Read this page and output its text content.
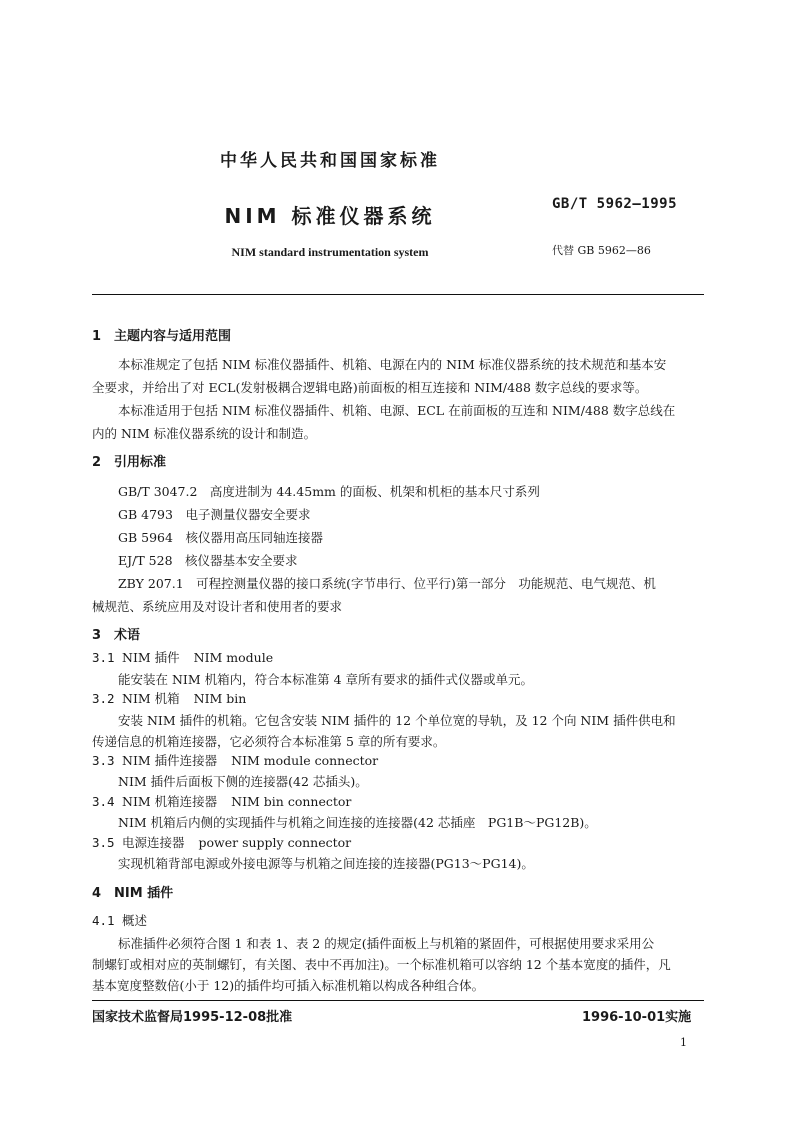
中华人民共和国国家标准
NIM 标准仪器系统
NIM standard instrumentation system
GB/T 5962—1995
代替 GB 5962—86
1 主题内容与适用范围
本标准规定了包括 NIM 标准仪器插件、机箱、电源在内的 NIM 标准仪器系统的技术规范和基本安
全要求，并给出了对 ECL(发射极耦合逻辑电路)前面板的相互连接和 NIM/488 数字总线的要求等。
本标准适用于包括 NIM 标准仪器插件、机箱、电源、ECL 在前面板的互连和 NIM/488 数字总线在
内的 NIM 标准仪器系统的设计和制造。
2 引用标准
GB/T 3047.2　高度进制为 44.45mm 的面板、机架和机柜的基本尺寸系列
GB 4793　电子测量仪器安全要求
GB 5964　核仪器用高压同轴连接器
EJ/T 528　核仪器基本安全要求
ZBY 207.1　可程控测量仪器的接口系统(字节串行、位平行)第一部分　功能规范、电气规范、机
械规范、系统应用及对设计者和使用者的要求
3 术语
3.1 NIM 插件 NIM module
能安装在 NIM 机箱内，符合本标准第 4 章所有要求的插件式仪器或单元。
3.2 NIM 机箱 NIM bin
安装 NIM 插件的机箱。它包含安装 NIM 插件的 12 个单位宽的导轨，及 12 个向 NIM 插件供电和
传递信息的机箱连接器，它必须符合本标准第 5 章的所有要求。
3.3 NIM 插件连接器 NIM module connector
NIM 插件后面板下侧的连接器(42 芯插头)。
3.4 NIM 机箱连接器 NIM bin connector
NIM 机箱后内侧的实现插件与机箱之间连接的连接器(42 芯插座　PG1B～PG12B)。
3.5 电源连接器 power supply connector
实现机箱背部电源或外接电源等与机箱之间连接的连接器(PG13～PG14)。
4 NIM 插件
4.1 概述
标准插件必须符合图 1 和表 1、表 2 的规定(插件面板上与机箱的紧固件，可根据使用要求采用公
制螺钉或相对应的英制螺钉，有关图、表中不再加注)。一个标准机箱可以容纳 12 个基本宽度的插件，凡
基本宽度整数倍(小于 12)的插件均可插入标准机箱以构成各种组合体。
国家技术监督局1995-12-08批准	1996-10-01实施
1
